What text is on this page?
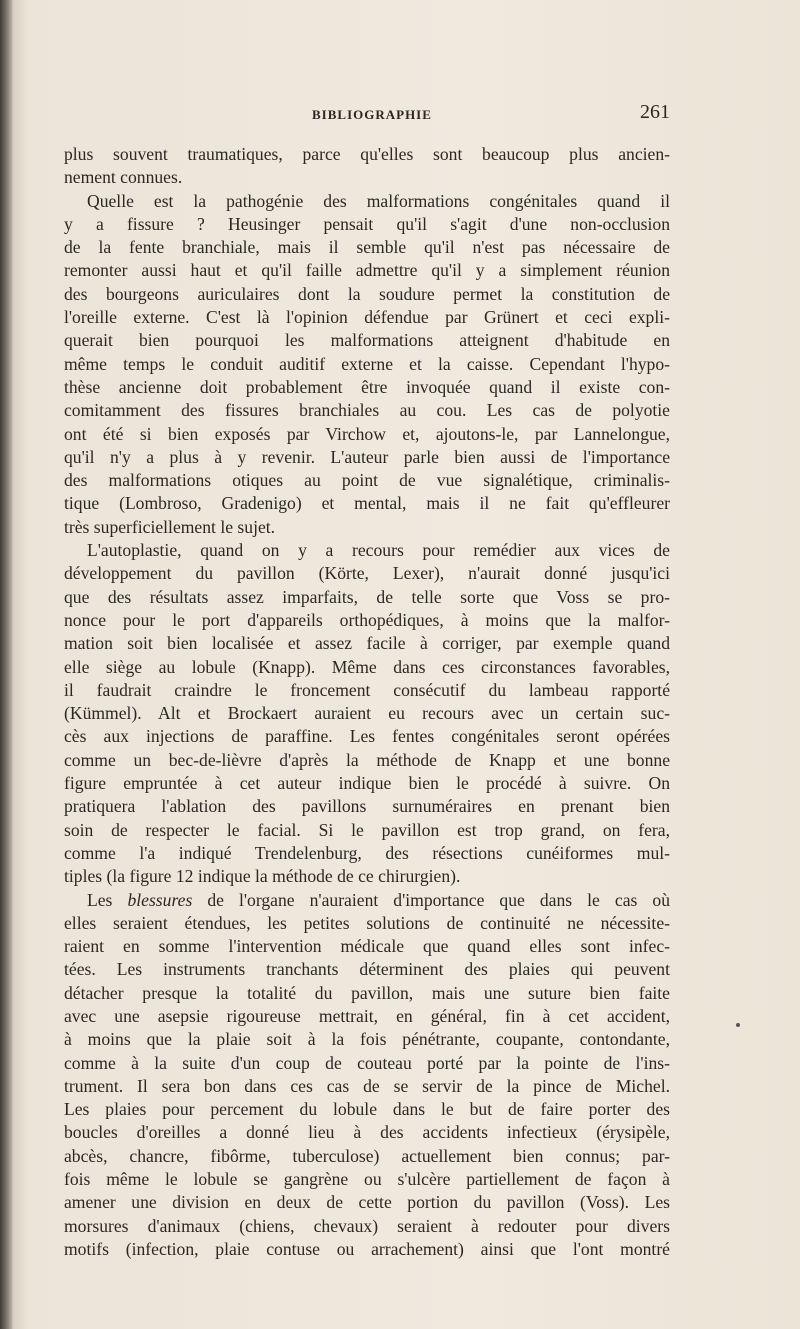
BIBLIOGRAPHIE	261
plus souvent traumatiques, parce qu'elles sont beaucoup plus ancien-
nement connues.
Quelle est la pathogénie des malformations congénitales quand il
y a fissure ? Heusinger pensait qu'il s'agit d'une non-occlusion
de la fente branchiale, mais il semble qu'il n'est pas nécessaire de
remonter aussi haut et qu'il faille admettre qu'il y a simplement réunion
des bourgeons auriculaires dont la soudure permet la constitution de
l'oreille externe. C'est là l'opinion défendue par Grünert et ceci expli-
querait bien pourquoi les malformations atteignent d'habitude en
même temps le conduit auditif externe et la caisse. Cependant l'hypo-
thèse ancienne doit probablement être invoquée quand il existe con-
comitamment des fissures branchiales au cou. Les cas de polyotie
ont été si bien exposés par Virchow et, ajoutons-le, par Lannelongue,
qu'il n'y a plus à y revenir. L'auteur parle bien aussi de l'importance
des malformations otiques au point de vue signalétique, criminalis-
tique (Lombroso, Gradenigo) et mental, mais il ne fait qu'effleurer
très superficiellement le sujet.
L'autoplastie, quand on y a recours pour remédier aux vices de
développement du pavillon (Körte, Lexer), n'aurait donné jusqu'ici
que des résultats assez imparfaits, de telle sorte que Voss se pro-
nonce pour le port d'appareils orthopédiques, à moins que la malfor-
mation soit bien localisée et assez facile à corriger, par exemple quand
elle siège au lobule (Knapp). Même dans ces circonstances favorables,
il faudrait craindre le froncement consécutif du lambeau rapporté
(Kümmel). Alt et Brockaert auraient eu recours avec un certain suc-
cès aux injections de paraffine. Les fentes congénitales seront opérées
comme un bec-de-lièvre d'après la méthode de Knapp et une bonne
figure empruntée à cet auteur indique bien le procédé à suivre. On
pratiquera l'ablation des pavillons surnuméraires en prenant bien
soin de respecter le facial. Si le pavillon est trop grand, on fera,
comme l'a indiqué Trendelenburg, des résections cunéiformes mul-
tiples (la figure 12 indique la méthode de ce chirurgien).
Les blessures de l'organe n'auraient d'importance que dans le cas où
elles seraient étendues, les petites solutions de continuité ne nécessite-
raient en somme l'intervention médicale que quand elles sont infec-
tées. Les instruments tranchants déterminent des plaies qui peuvent
détacher presque la totalité du pavillon, mais une suture bien faite
avec une asepsie rigoureuse mettrait, en général, fin à cet accident,
à moins que la plaie soit à la fois pénétrante, coupante, contondante,
comme à la suite d'un coup de couteau porté par la pointe de l'ins-
trument. Il sera bon dans ces cas de se servir de la pince de Michel.
Les plaies pour percement du lobule dans le but de faire porter des
boucles d'oreilles a donné lieu à des accidents infectieux (érysipèle,
abcès, chancre, fibôrme, tuberculose) actuellement bien connus; par-
fois même le lobule se gangrène ou s'ulcère partiellement de façon à
amener une division en deux de cette portion du pavillon (Voss). Les
morsures d'animaux (chiens, chevaux) seraient à redouter pour divers
motifs (infection, plaie contuse ou arrachement) ainsi que l'ont montré
